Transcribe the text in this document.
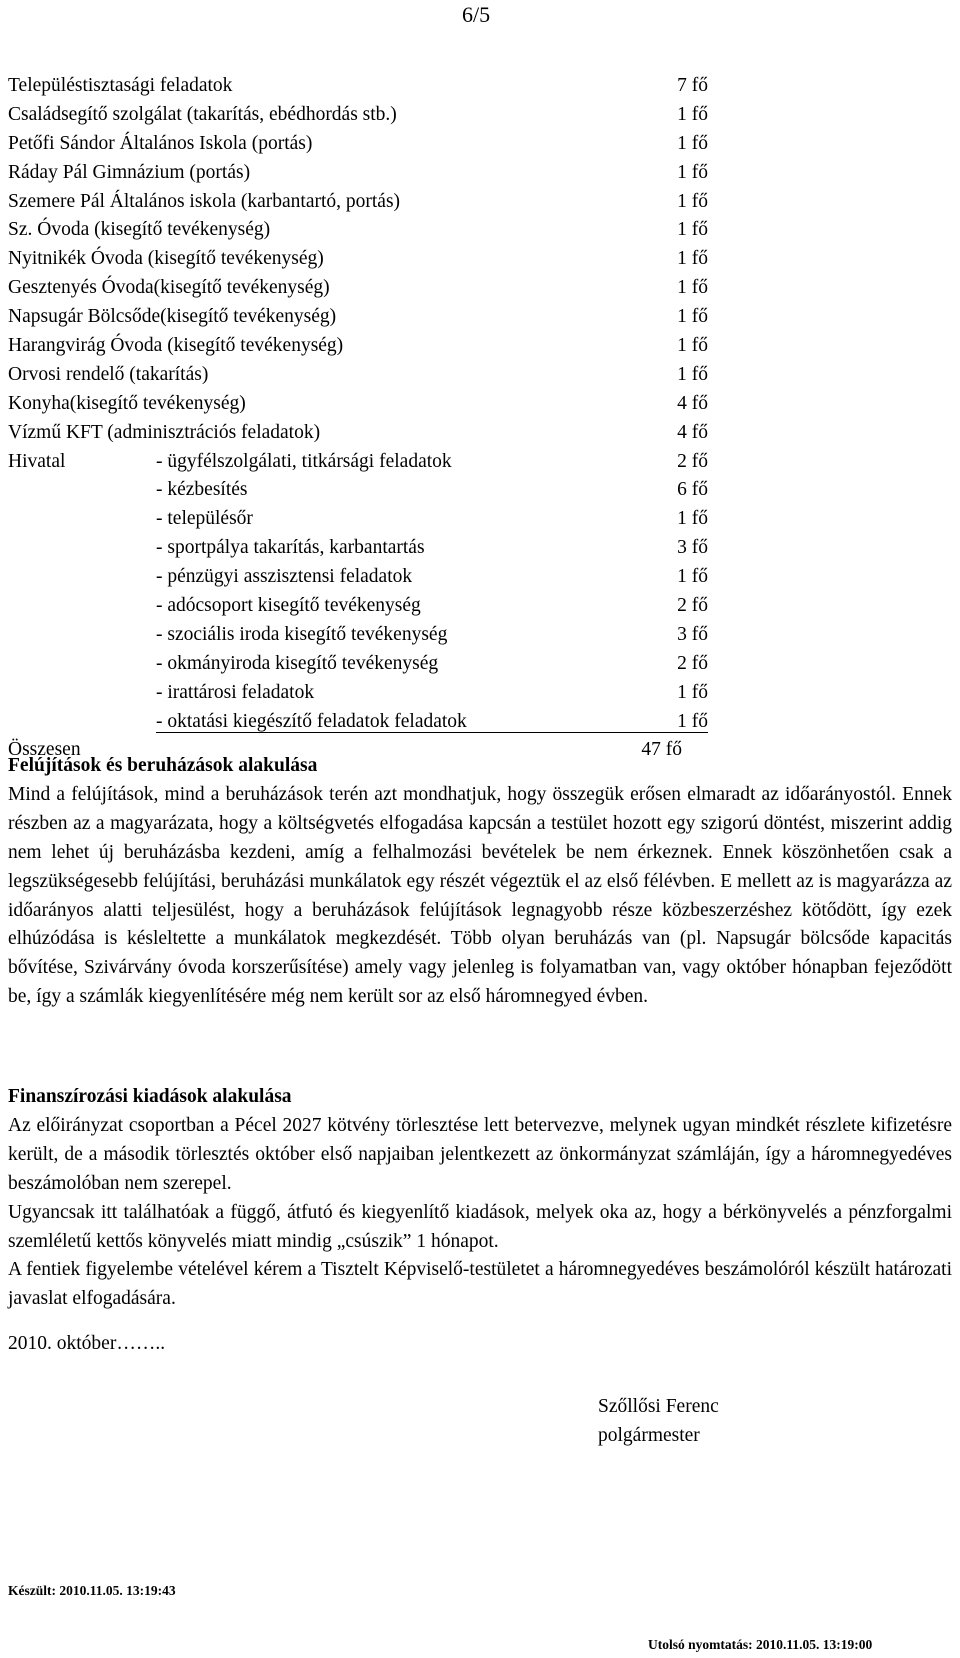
6/5
Településtisztasági feladatok	7 fő
Családsegítő szolgálat (takarítás, ebédhordás stb.)	1 fő
Petőfi Sándor Általános Iskola (portás)	1 fő
Ráday Pál Gimnázium (portás)	1 fő
Szemere Pál Általános iskola (karbantartó, portás)	1 fő
Sz. Óvoda (kisegítő tevékenység)	1 fő
Nyitnikék Óvoda (kisegítő tevékenység)	1 fő
Gesztenyés Óvoda(kisegítő tevékenység)	1 fő
Napsugár Bölcsőde(kisegítő tevékenység)	1 fő
Harangvirág Óvoda (kisegítő tevékenység)	1 fő
Orvosi rendelő (takarítás)	1 fő
Konyha(kisegítő tevékenység)	4 fő
Vízmű KFT (adminisztrációs feladatok)	4 fő
Hivatal	- ügyfélszolgálati, titkársági feladatok	2 fő
- kézbesítés	6 fő
- településőr	1 fő
- sportpálya takarítás, karbantartás	3 fő
- pénzügyi asszisztensi feladatok	1 fő
- adócsoport kisegítő tevékenység	2 fő
- szociális iroda kisegítő tevékenység	3 fő
- okmányiroda kisegítő tevékenység	2 fő
- irattárosi feladatok	1 fő
- oktatási kiegészítő feladatok feladatok	1 fő
Összesen	47 fő
Felújítások és beruházások alakulása

Mind a felújítások, mind a beruházások terén azt mondhatjuk, hogy összegük erősen elmaradt az időarányostól. Ennek részben az a magyarázata, hogy a költségvetés elfogadása kapcsán a testület hozott egy szigorú döntést, miszerint addig nem lehet új beruházásba kezdeni, amíg a felhalmozási bevételek be nem érkeznek. Ennek köszönhetően csak a legszükségesebb felújítási, beruházási munkálatok egy részét végeztük el az első félévben. E mellett az is magyarázza az időarányos alatti teljesülést, hogy a beruházások felújítások legnagyobb része közbeszerzéshez kötődött, így ezek elhúzódása is késleltette a munkálatok megkezdését. Több olyan beruházás van (pl. Napsugár bölcsőde kapacitás bővítése, Szivárvány óvoda korszerűsítése) amely vagy jelenleg is folyamatban van, vagy október hónapban fejeződött be, így a számlák kiegyenlítésére még nem került sor az első háromnegyed évben.

Finanszírozási kiadások alakulása

Az előirányzat csoportban a Pécel 2027 kötvény törlesztése lett betervezve, melynek ugyan mindkét részlete kifizetésre került, de a második törlesztés október első napjaiban jelentkezett az önkormányzat számláján, így a háromnegyedéves beszámolóban nem szerepel.

Ugyancsak itt találhatóak a függő, átfutó és kiegyenlítő kiadások, melyek oka az, hogy a bérkönyvelés a pénzforgalmi szemléletű kettős könyvelés miatt mindig „csúszik” 1 hónapot.

A fentiek figyelembe vételével kérem a Tisztelt Képviselő-testületet a háromnegyedéves beszámolóról készült határozati javaslat elfogadására.

2010. október……..
Szőllősi Ferenc
polgármester
Készült: 2010.11.05. 13:19:43
Utolsó nyomtatás: 2010.11.05. 13:19:00
